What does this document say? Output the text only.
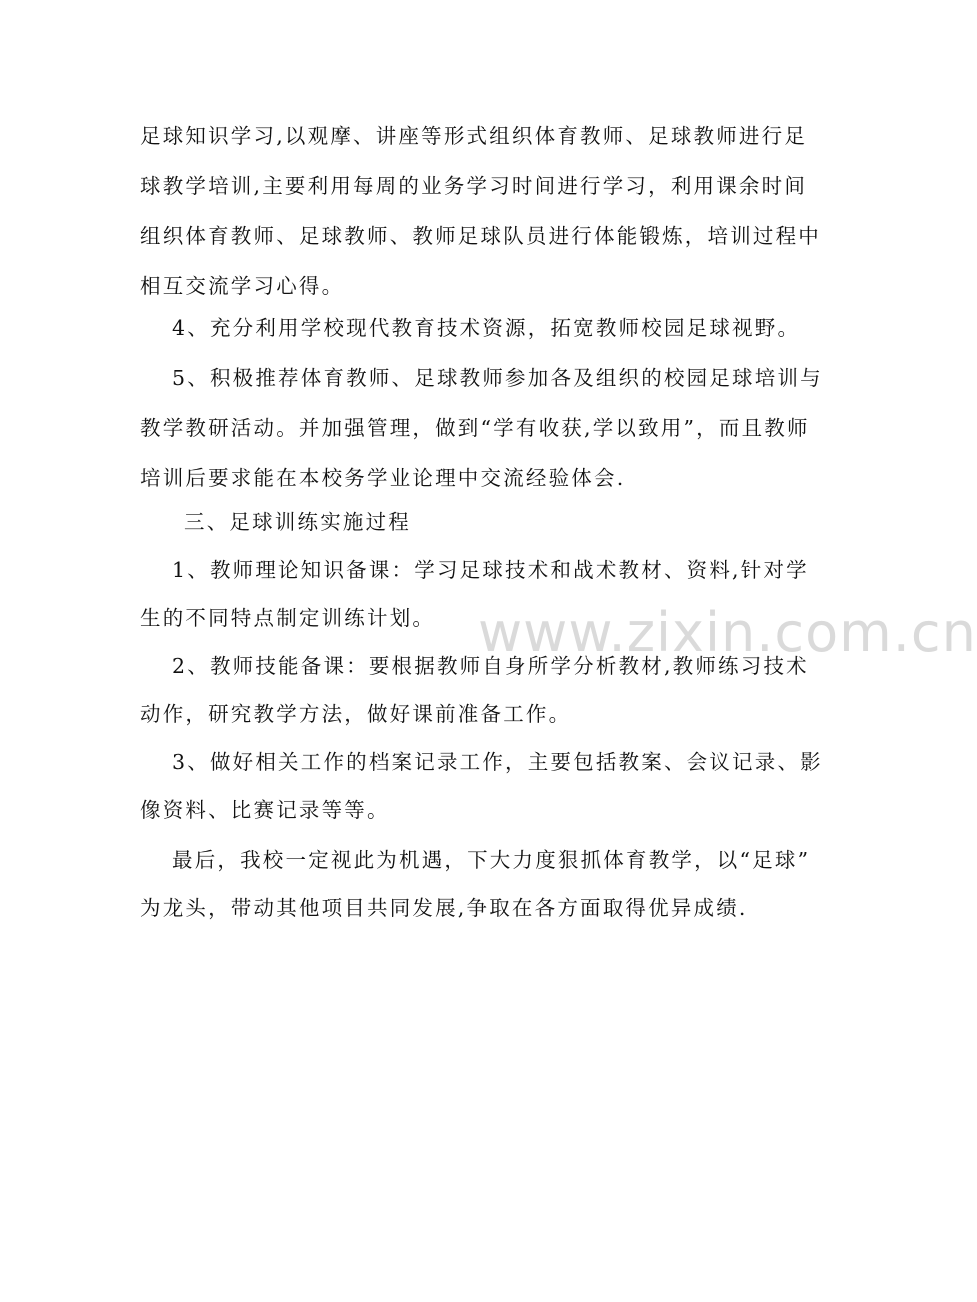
足球知识学习,以观摩、讲座等形式组织体育教师、足球教师进行足
球教学培训,主要利用每周的业务学习时间进行学习，利用课余时间
组织体育教师、足球教师、教师足球队员进行体能锻炼，培训过程中
相互交流学习心得。
4、充分利用学校现代教育技术资源，拓宽教师校园足球视野。
5、积极推荐体育教师、足球教师参加各及组织的校园足球培训与
教学教研活动。并加强管理，做到“学有收获,学以致用”，而且教师
培训后要求能在本校务学业论理中交流经验体会.
三、足球训练实施过程
1、教师理论知识备课：学习足球技术和战术教材、资料,针对学
生的不同特点制定训练计划。
2、教师技能备课：要根据教师自身所学分析教材,教师练习技术
动作，研究教学方法，做好课前准备工作。
3、做好相关工作的档案记录工作，主要包括教案、会议记录、影
像资料、比赛记录等等。
最后，我校一定视此为机遇，下大力度狠抓体育教学，以“足球”
为龙头，带动其他项目共同发展,争取在各方面取得优异成绩.
www.zixin.com.cn
